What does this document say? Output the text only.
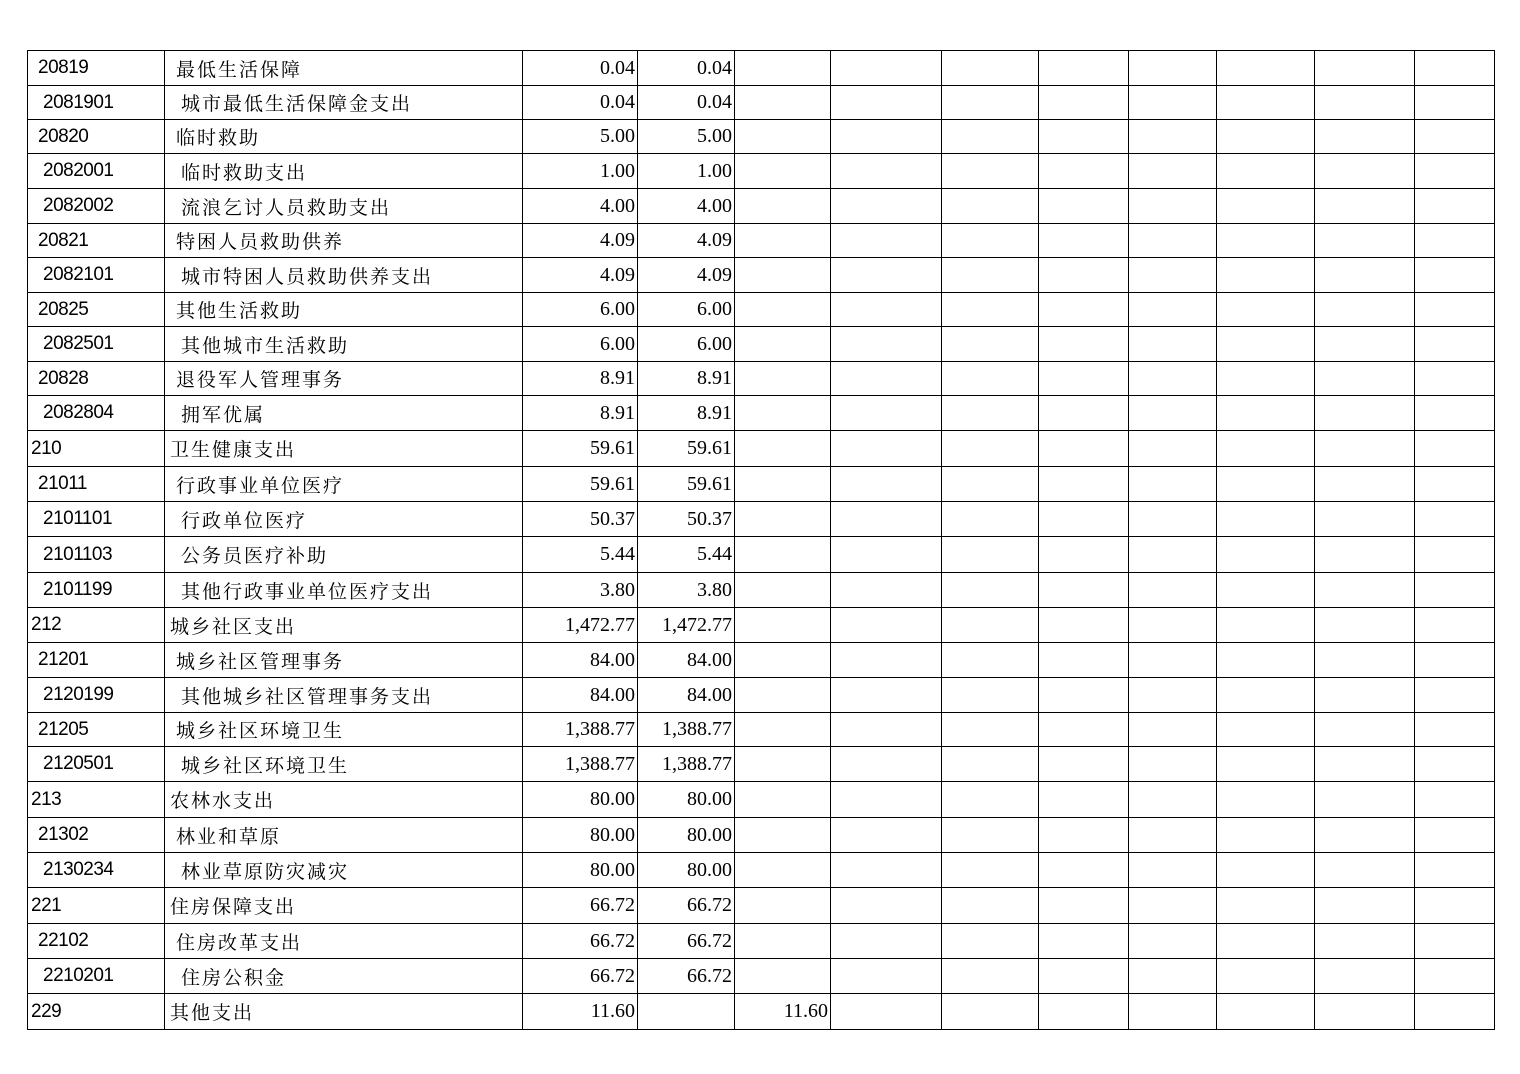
20819	最低生活保障	0.04	0.04								
2081901	城市最低生活保障金支出	0.04	0.04								
20820	临时救助	5.00	5.00								
2082001	临时救助支出	1.00	1.00								
2082002	流浪乞讨人员救助支出	4.00	4.00								
20821	特困人员救助供养	4.09	4.09								
2082101	城市特困人员救助供养支出	4.09	4.09								
20825	其他生活救助	6.00	6.00								
2082501	其他城市生活救助	6.00	6.00								
20828	退役军人管理事务	8.91	8.91								
2082804	拥军优属	8.91	8.91								
210	卫生健康支出	59.61	59.61								
21011	行政事业单位医疗	59.61	59.61								
2101101	行政单位医疗	50.37	50.37								
2101103	公务员医疗补助	5.44	5.44								
2101199	其他行政事业单位医疗支出	3.80	3.80								
212	城乡社区支出	1,472.77	1,472.77								
21201	城乡社区管理事务	84.00	84.00								
2120199	其他城乡社区管理事务支出	84.00	84.00								
21205	城乡社区环境卫生	1,388.77	1,388.77								
2120501	城乡社区环境卫生	1,388.77	1,388.77								
213	农林水支出	80.00	80.00								
21302	林业和草原	80.00	80.00								
2130234	林业草原防灾减灾	80.00	80.00								
221	住房保障支出	66.72	66.72								
22102	住房改革支出	66.72	66.72								
2210201	住房公积金	66.72	66.72								
229	其他支出	11.60		11.60							
